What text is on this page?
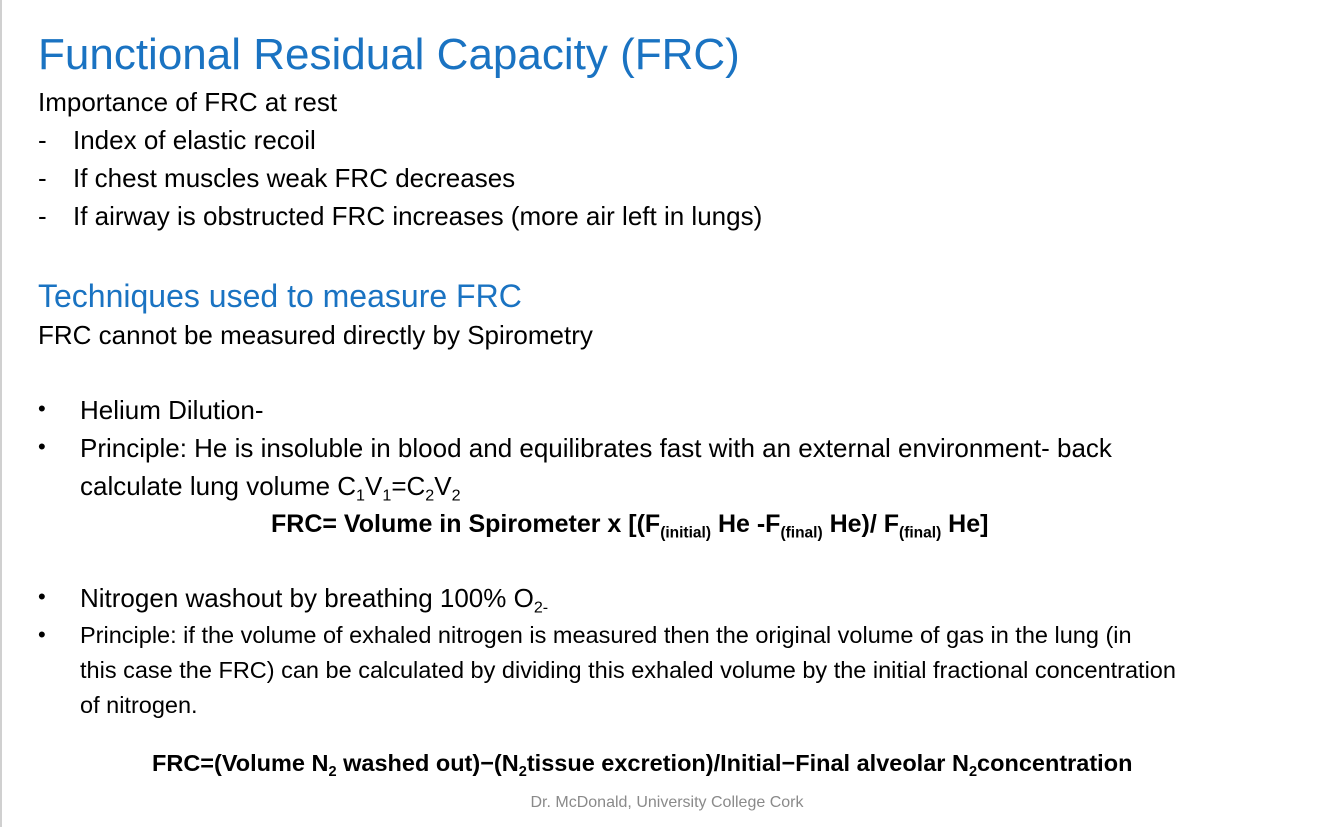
Functional Residual Capacity (FRC)
Importance of FRC at rest
- Index of elastic recoil
- If chest muscles weak FRC decreases
- If airway is obstructed FRC increases (more air left in lungs)
Techniques used to measure FRC
FRC cannot be measured directly by Spirometry
• Helium Dilution-
• Principle: He is insoluble in blood and equilibrates fast with an external environment- back
calculate lung volume $C_1V_1=C_2V_2$
FRC= Volume in Spirometer x [($F_{(initial)}$ He $-F_{(final)}$ He)/ $F_{(final)}$ He]
• Nitrogen washout by breathing 100% $O_{2-}$
• Principle: if the volume of exhaled nitrogen is measured then the original volume of gas in the lung (in
this case the FRC) can be calculated by dividing this exhaled volume by the initial fractional concentration
of nitrogen.
FRC=(Volume $N_2$ washed $out)-(N_2tissue$ excretion)/Initial−Final alveolar $N_2concentration$
Dr. McDonald, University College Cork
